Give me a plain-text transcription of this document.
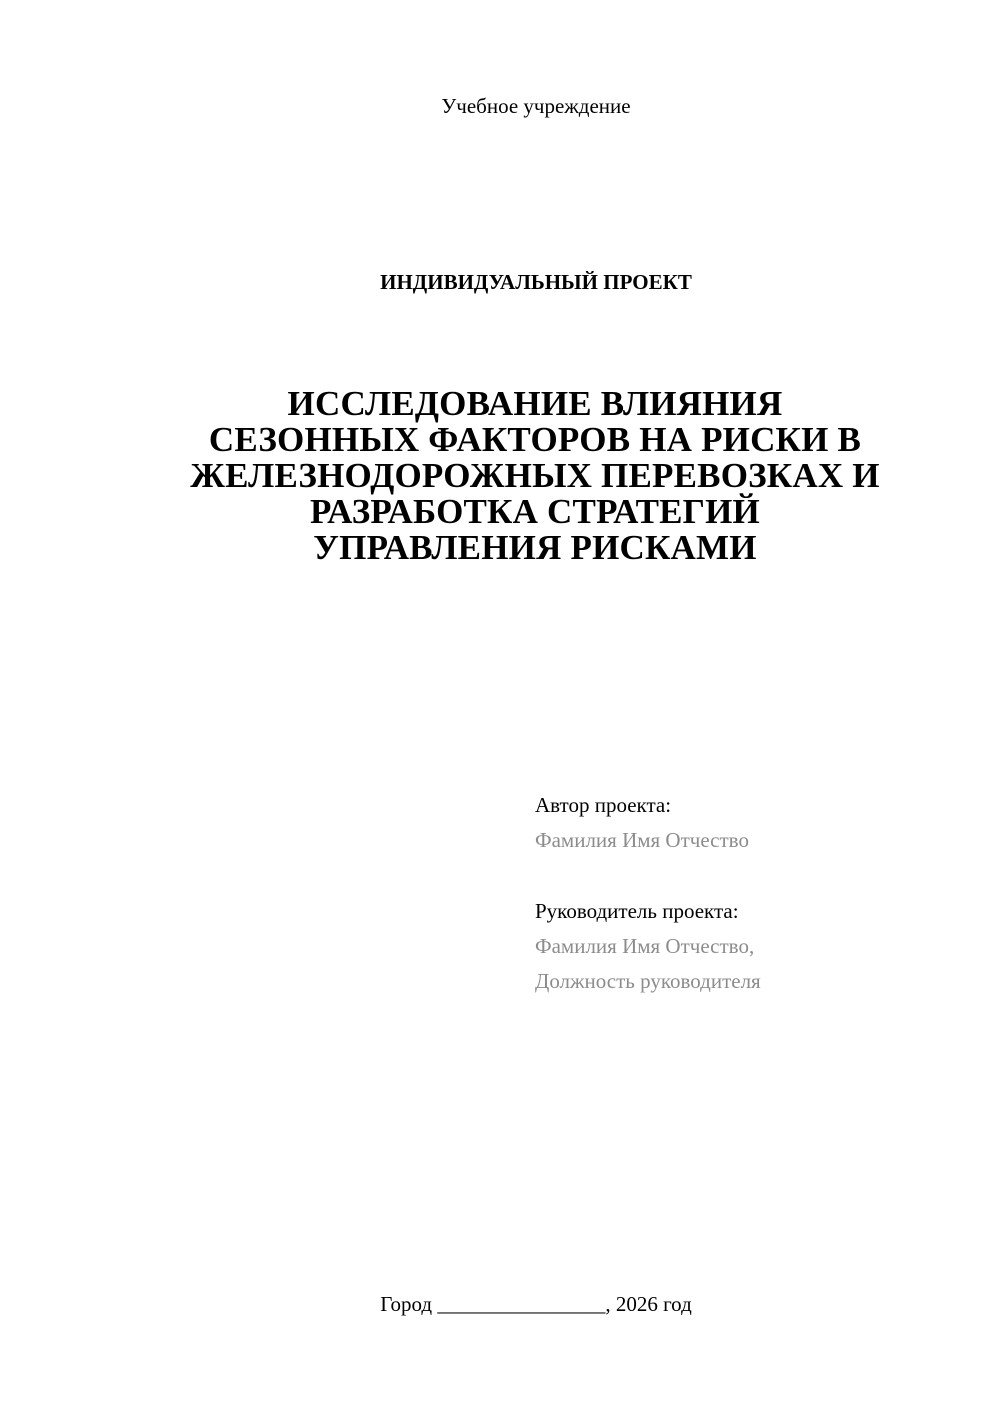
Учебное учреждение
ИНДИВИДУАЛЬНЫЙ ПРОЕКТ
ИССЛЕДОВАНИЕ ВЛИЯНИЯ
СЕЗОННЫХ ФАКТОРОВ НА РИСКИ В
ЖЕЛЕЗНОДОРОЖНЫХ ПЕРЕВОЗКАХ И
РАЗРАБОТКА СТРАТЕГИЙ
УПРАВЛЕНИЯ РИСКАМИ
Автор проекта:
Фамилия Имя Отчество
Руководитель проекта:
Фамилия Имя Отчество,
Должность руководителя
Город ________________, 2026 год
